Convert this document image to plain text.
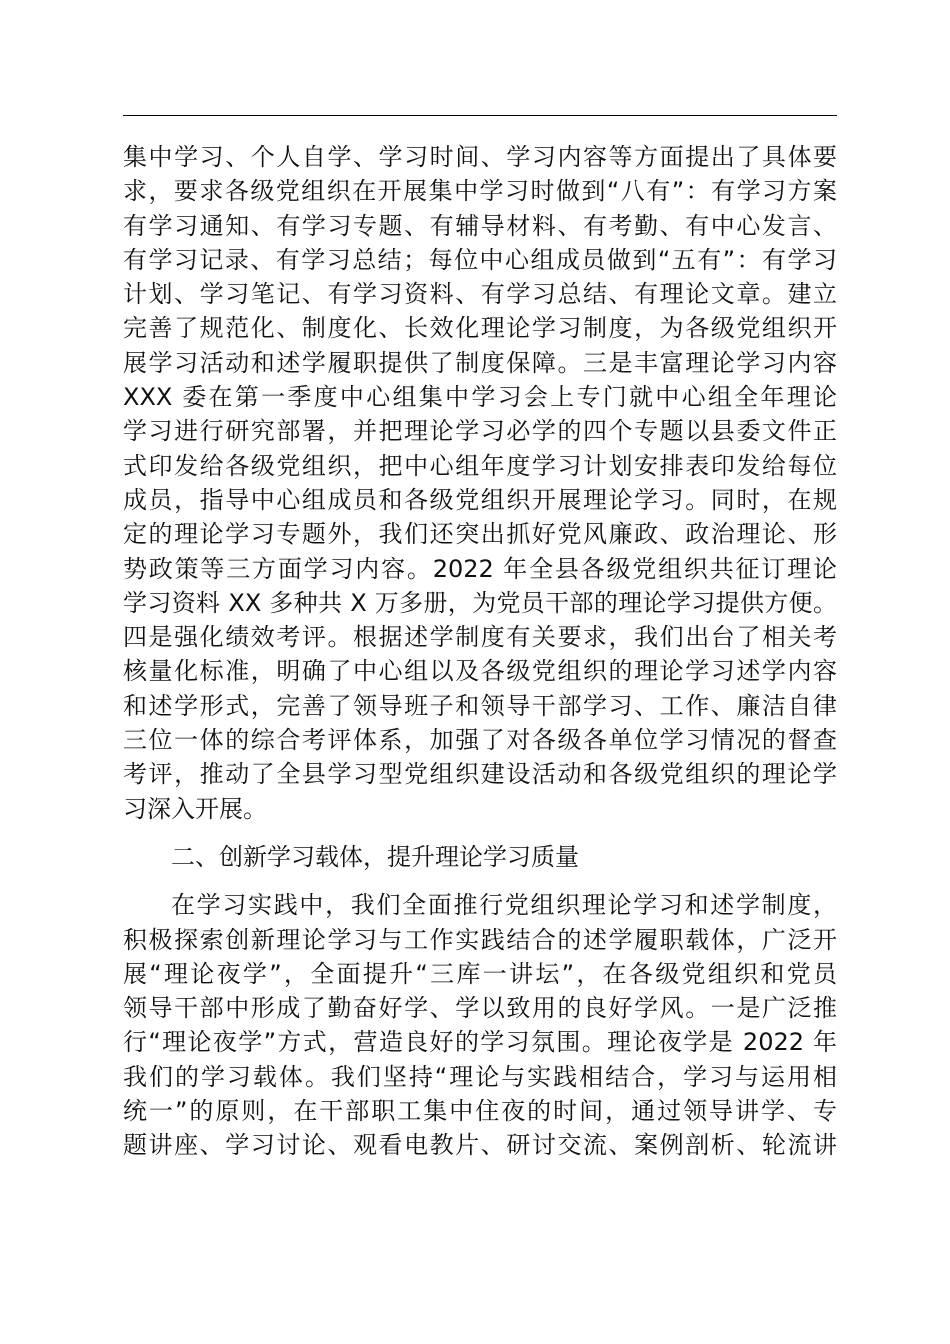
集中学习、个人自学、学习时间、学习内容等方面提出了具体要
求，要求各级党组织在开展集中学习时做到“八有”：有学习方案
有学习通知、有学习专题、有辅导材料、有考勤、有中心发言、
有学习记录、有学习总结；每位中心组成员做到“五有”：有学习
计划、学习笔记、有学习资料、有学习总结、有理论文章。建立
完善了规范化、制度化、长效化理论学习制度，为各级党组织开
展学习活动和述学履职提供了制度保障。三是丰富理论学习内容
XXX 委在第一季度中心组集中学习会上专门就中心组全年理论
学习进行研究部署，并把理论学习必学的四个专题以县委文件正
式印发给各级党组织，把中心组年度学习计划安排表印发给每位
成员，指导中心组成员和各级党组织开展理论学习。同时，在规
定的理论学习专题外，我们还突出抓好党风廉政、政治理论、形
势政策等三方面学习内容。2022 年全县各级党组织共征订理论
学习资料 XX 多种共 X 万多册，为党员干部的理论学习提供方便。
四是强化绩效考评。根据述学制度有关要求，我们出台了相关考
核量化标准，明确了中心组以及各级党组织的理论学习述学内容
和述学形式，完善了领导班子和领导干部学习、工作、廉洁自律
三位一体的综合考评体系，加强了对各级各单位学习情况的督查
考评，推动了全县学习型党组织建设活动和各级党组织的理论学
习深入开展。
二、创新学习载体，提升理论学习质量
在学习实践中，我们全面推行党组织理论学习和述学制度，
积极探索创新理论学习与工作实践结合的述学履职载体，广泛开
展“理论夜学”，全面提升“三库一讲坛”，在各级党组织和党员
领导干部中形成了勤奋好学、学以致用的良好学风。一是广泛推
行“理论夜学”方式，营造良好的学习氛围。理论夜学是 2022 年
我们的学习载体。我们坚持“理论与实践相结合，学习与运用相
统一”的原则，在干部职工集中住夜的时间，通过领导讲学、专
题讲座、学习讨论、观看电教片、研讨交流、案例剖析、轮流讲
